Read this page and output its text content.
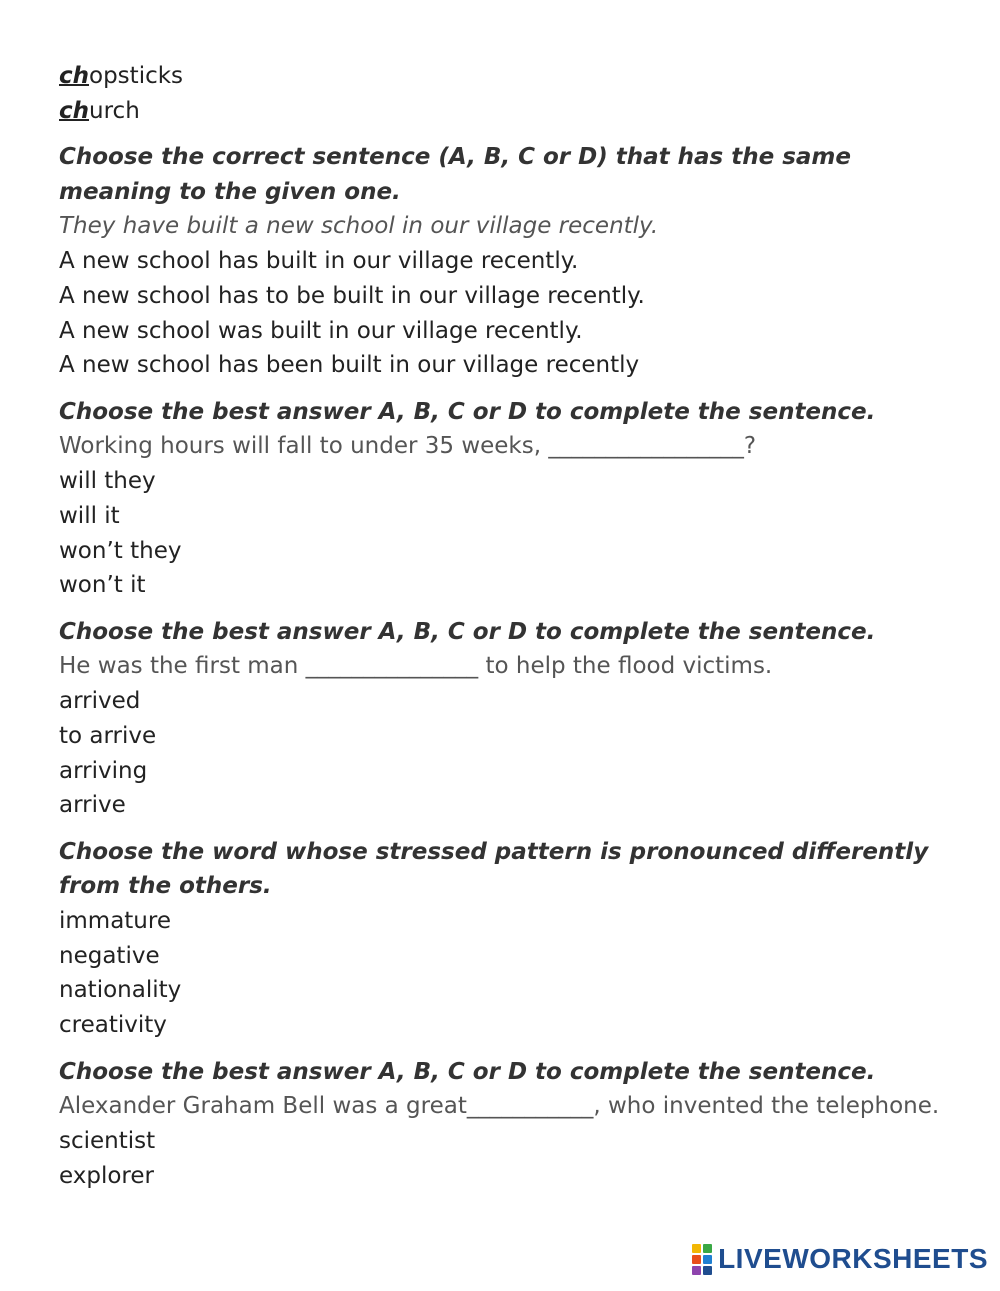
chopsticks
church
Choose the correct sentence (A, B, C or D) that has the same meaning to the given one.
They have built a new school in our village recently.
A new school has built in our village recently.
A new school has to be built in our village recently.
A new school was built in our village recently.
A new school has been built in our village recently
Choose the best answer A, B, C or D to complete the sentence.
Working hours will fall to under 35 weeks, _________________?
will they
will it
won’t they
won’t it
Choose the best answer A, B, C or D to complete the sentence.
He was the first man _______________ to help the flood victims.
arrived
to arrive
arriving
arrive
Choose the word whose stressed pattern is pronounced differently from the others.
immature
negative
nationality
creativity
Choose the best answer A, B, C or D to complete the sentence.
Alexander Graham Bell was a great___________, who invented the telephone.
scientist
explorer
LIVEWORKSHEETS
